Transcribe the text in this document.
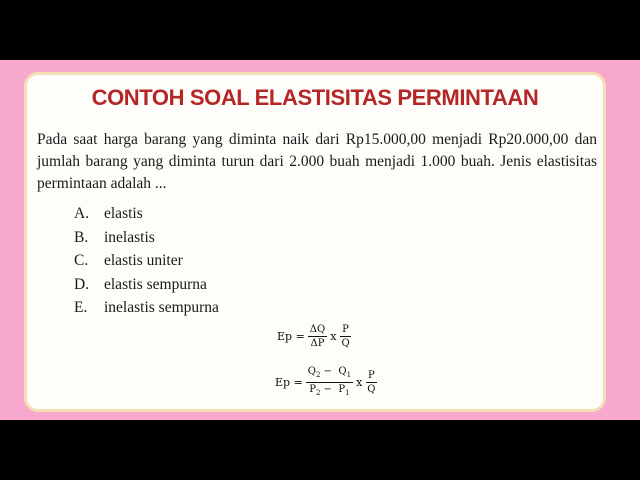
CONTOH SOAL ELASTISITAS PERMINTAAN
Pada saat harga barang yang diminta naik dari Rp15.000,00 menjadi Rp20.000,00 dan jumlah barang yang diminta turun dari 2.000 buah menjadi 1.000 buah. Jenis elastisitas permintaan adalah ...
A. elastis
B.	inelastis
C.	elastis uniter
D. elastis sempurna
E.	inelastis sempurna
$Ep = \frac{\Delta Q}{\Delta P}$ x $\frac{P}{Q}$
$Ep = \frac{Q_2 - Q_1}{P_2 - P_1}$ x $\frac{P}{Q}$
